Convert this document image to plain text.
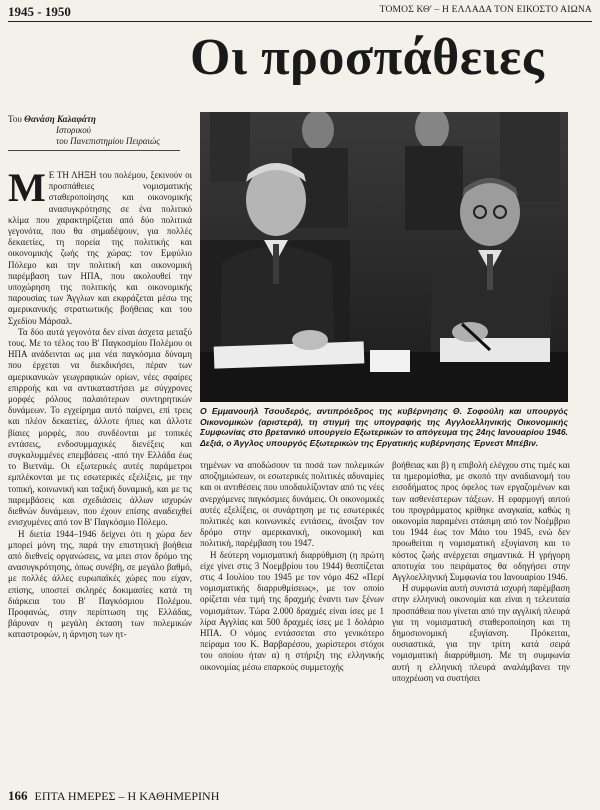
1945 - 1950	ΤΟΜΟΣ ΚΘ' – Η ΕΛΛΑΔΑ ΤΟΝ ΕΙΚΟΣΤΟ ΑΙΩΝΑ
Οι προσπάθειες
Του Θανάση Καλαφάτη
Ιστορικού
του Πανεπιστημίου Πειραιώς

Μ Ε ΤΗ ΛΗΞΗ του πολέμου, ξεκινούν οι προσπάθειες νομισματικής σταθεροποίησης και οικονομικής ανασυγκρότησης σε ένα πολιτικό κλίμα που χαρακτηρίζεται από δύο πολιτικά γεγονότα, που θα σημαδέψουν, για πολλές δεκαετίες, τη πορεία της πολιτικής και οικονομικής ζωής της χώρας: τον Εμφύλιο Πόλεμο και την πολιτική και οικονομική παρέμβαση των ΗΠΑ, που ακολουθεί την υποχώρηση της πολιτικής και οικονομικής παρουσίας των Άγγλων και εκφράζεται μέσω της αμερικανικής στρατιωτικής βοήθειας και του Σχεδίου Μάρσαλ.

Τα δύο αυτά γεγονότα δεν είναι άσχετα μεταξύ τους. Με το τέλος του Β' Παγκοσμίου Πολέμου οι ΗΠΑ ανάδεινται ως μια νέα παγκόσμια δύναμη που έρχεται να διεκδικήσει, πέραν των αμερικανικών γεωγραφικών ορίων, νέες σφαίρες επιρροής και να αντικαταστήσει με σύγχρονες μορφές ρόλους παλαιότερων συντηρητικών δυνάμεων. Το εγχείρημα αυτό παίρνει, επί τρεις και πλέον δεκαετίες, άλλοτε ήπιες και άλλοτε βίαιες μορφές, που συνδέονται με τοπικές εντάσεις, ενδοσυμμαχικές διενέξεις και συγκαλυμμένες επεμβάσεις -από την Ελλάδα έως το Βιετνάμ. Οι εξωτερικές αυτές παράμετροι εμπλέκονται με τις εσωτερικές εξελίξεις, με την τοπική, κοινωνική και ταξική δυναμική, και με τις παρεμβάσεις και σχεδιάσεις άλλων ισχυρών διεθνών δυνάμεων, που έχουν επίσης αναδειχθεί ενισχυμένες από τον Β' Παγκόσμιο Πόλεμο.

Η διετία 1944–1946 δείχνει ότι η χώρα δεν μπορεί μόνη της, παρά την επιστητική βοήθεια από διεθνείς οργανώσεις, να μπει στον δρόμο της ανασυγκρότησης, όπως συνέβη, σε μεγάλο βαθμό, με πολλές άλλες ευρωπαϊκές χώρες που είχαν, επίσης, υποστεί σκληρές δοκιμασίες κατά τη διάρκεια του Β' Παγκόσμιου Πολέμου. Προφανώς, στην περίπτωση της Ελλάδας, βάρυναν η μεγάλη έκταση των πολεμικών καταστροφών, η άρνηση των ητ-

Ο Εμμανουήλ Τσουδερός, αντιπρόεδρος της κυβέρνησης Θ. Σοφούλη και υπουργός Οικονομικών (αριστερά), τη στιγμή της υπογραφής της Αγγλοελληνικής Οικονομικής Συμφωνίας στο βρετανικό υπουργείο Εξωτερικών το απόγευμα της 24ης Ιανουαρίου 1946. Δεξιά, ο Άγγλος υπουργός Εξωτερικών της Εργατικής κυβέρνησης Έρνεστ Μπέβιν.

τημένων να αποδώσουν τα ποσά των πολεμικών αποζημιώσεων, οι εσωτερικές πολιτικές αδυναμίες και οι αντιθέσεις που υποδαυλίζονταν από τις νέες ανερχόμενες παγκόσμιες δυνάμεις. Οι οικονομικές αυτές εξελίξεις, οι συνάρτηση με τις εσωτερικές πολιτικές και κοινωνικές εντάσεις, άνοιξαν τον δρόμο στην αμερικανική, οικονομική και πολιτική, παρέμβαση του 1947.

Η δεύτερη νομισματική διαρρύθμιση (η πρώτη είχε γίνει στις 3 Νοεμβρίου του 1944) θεσπίζεται στις 4 Ιουλίου του 1945 με τον νόμο 462 «Περί νομισματικής διαρρυθμίσεως», με τον οποίο ορίζεται νέα τιμή της δραχμής έναντι των ξένων νομισμάτων. Τώρα 2.000 δραχμές είναι ίσες με 1 λίρα Αγγλίας και 500 δραχμές ίσες με 1 δολάριο ΗΠΑ. Ο νόμος εντάσσεται στο γενικότερο πείραμα του Κ. Βαρβαρέσου, χωρίστεροι στόχοι του οποίου ήταν α) η στήριξη της ελληνικής οικονομίας μέσω επαρκούς συμμετοχής

βοήθειας και β) η επιβολή ελέγχου στις τιμές και τα ημερομίσθια, με σκοπό την αναδιανομή του εισοδήματος προς όφελος των εργαζομένων και των ασθενέστερων τάξεων. Η εφαρμογή αυτού του προγράμματος κρίθηκε αναγκαία, καθώς η οικονομία παραμένει στάσιμη από τον Νοέμβριο του 1944 έως τον Μάιο του 1945, ενώ δεν προωθείται η νομισματική εξυγίανση και το κόστος ζωής ανέρχεται σημαντικά. Η γρήγορη αποτυχία του πειράματος θα οδηγήσει στην Αγγλοελληνική Συμφωνία του Ιανουαρίου 1946.

Η συμφωνία αυτή συνιστά ισχυρή παρέμβαση στην ελληνική οικονομία και είναι η τελευταία προσπάθεια που γίνεται από την αγγλική πλευρά για τη νομισματική σταθεροποίηση και τη δημοσιονομική εξυγίανση. Πρόκειται, ουσιαστικά, για την τρίτη κατά σειρά νομισματική διαρρύθμιση. Με τη συμφωνία αυτή η ελληνική πλευρά αναλάμβανει την υποχρέωση να συστήσει

166 ΕΠΤΑ ΗΜΕΡΕΣ – Η ΚΑΘΗΜΕΡΙΝΗ
